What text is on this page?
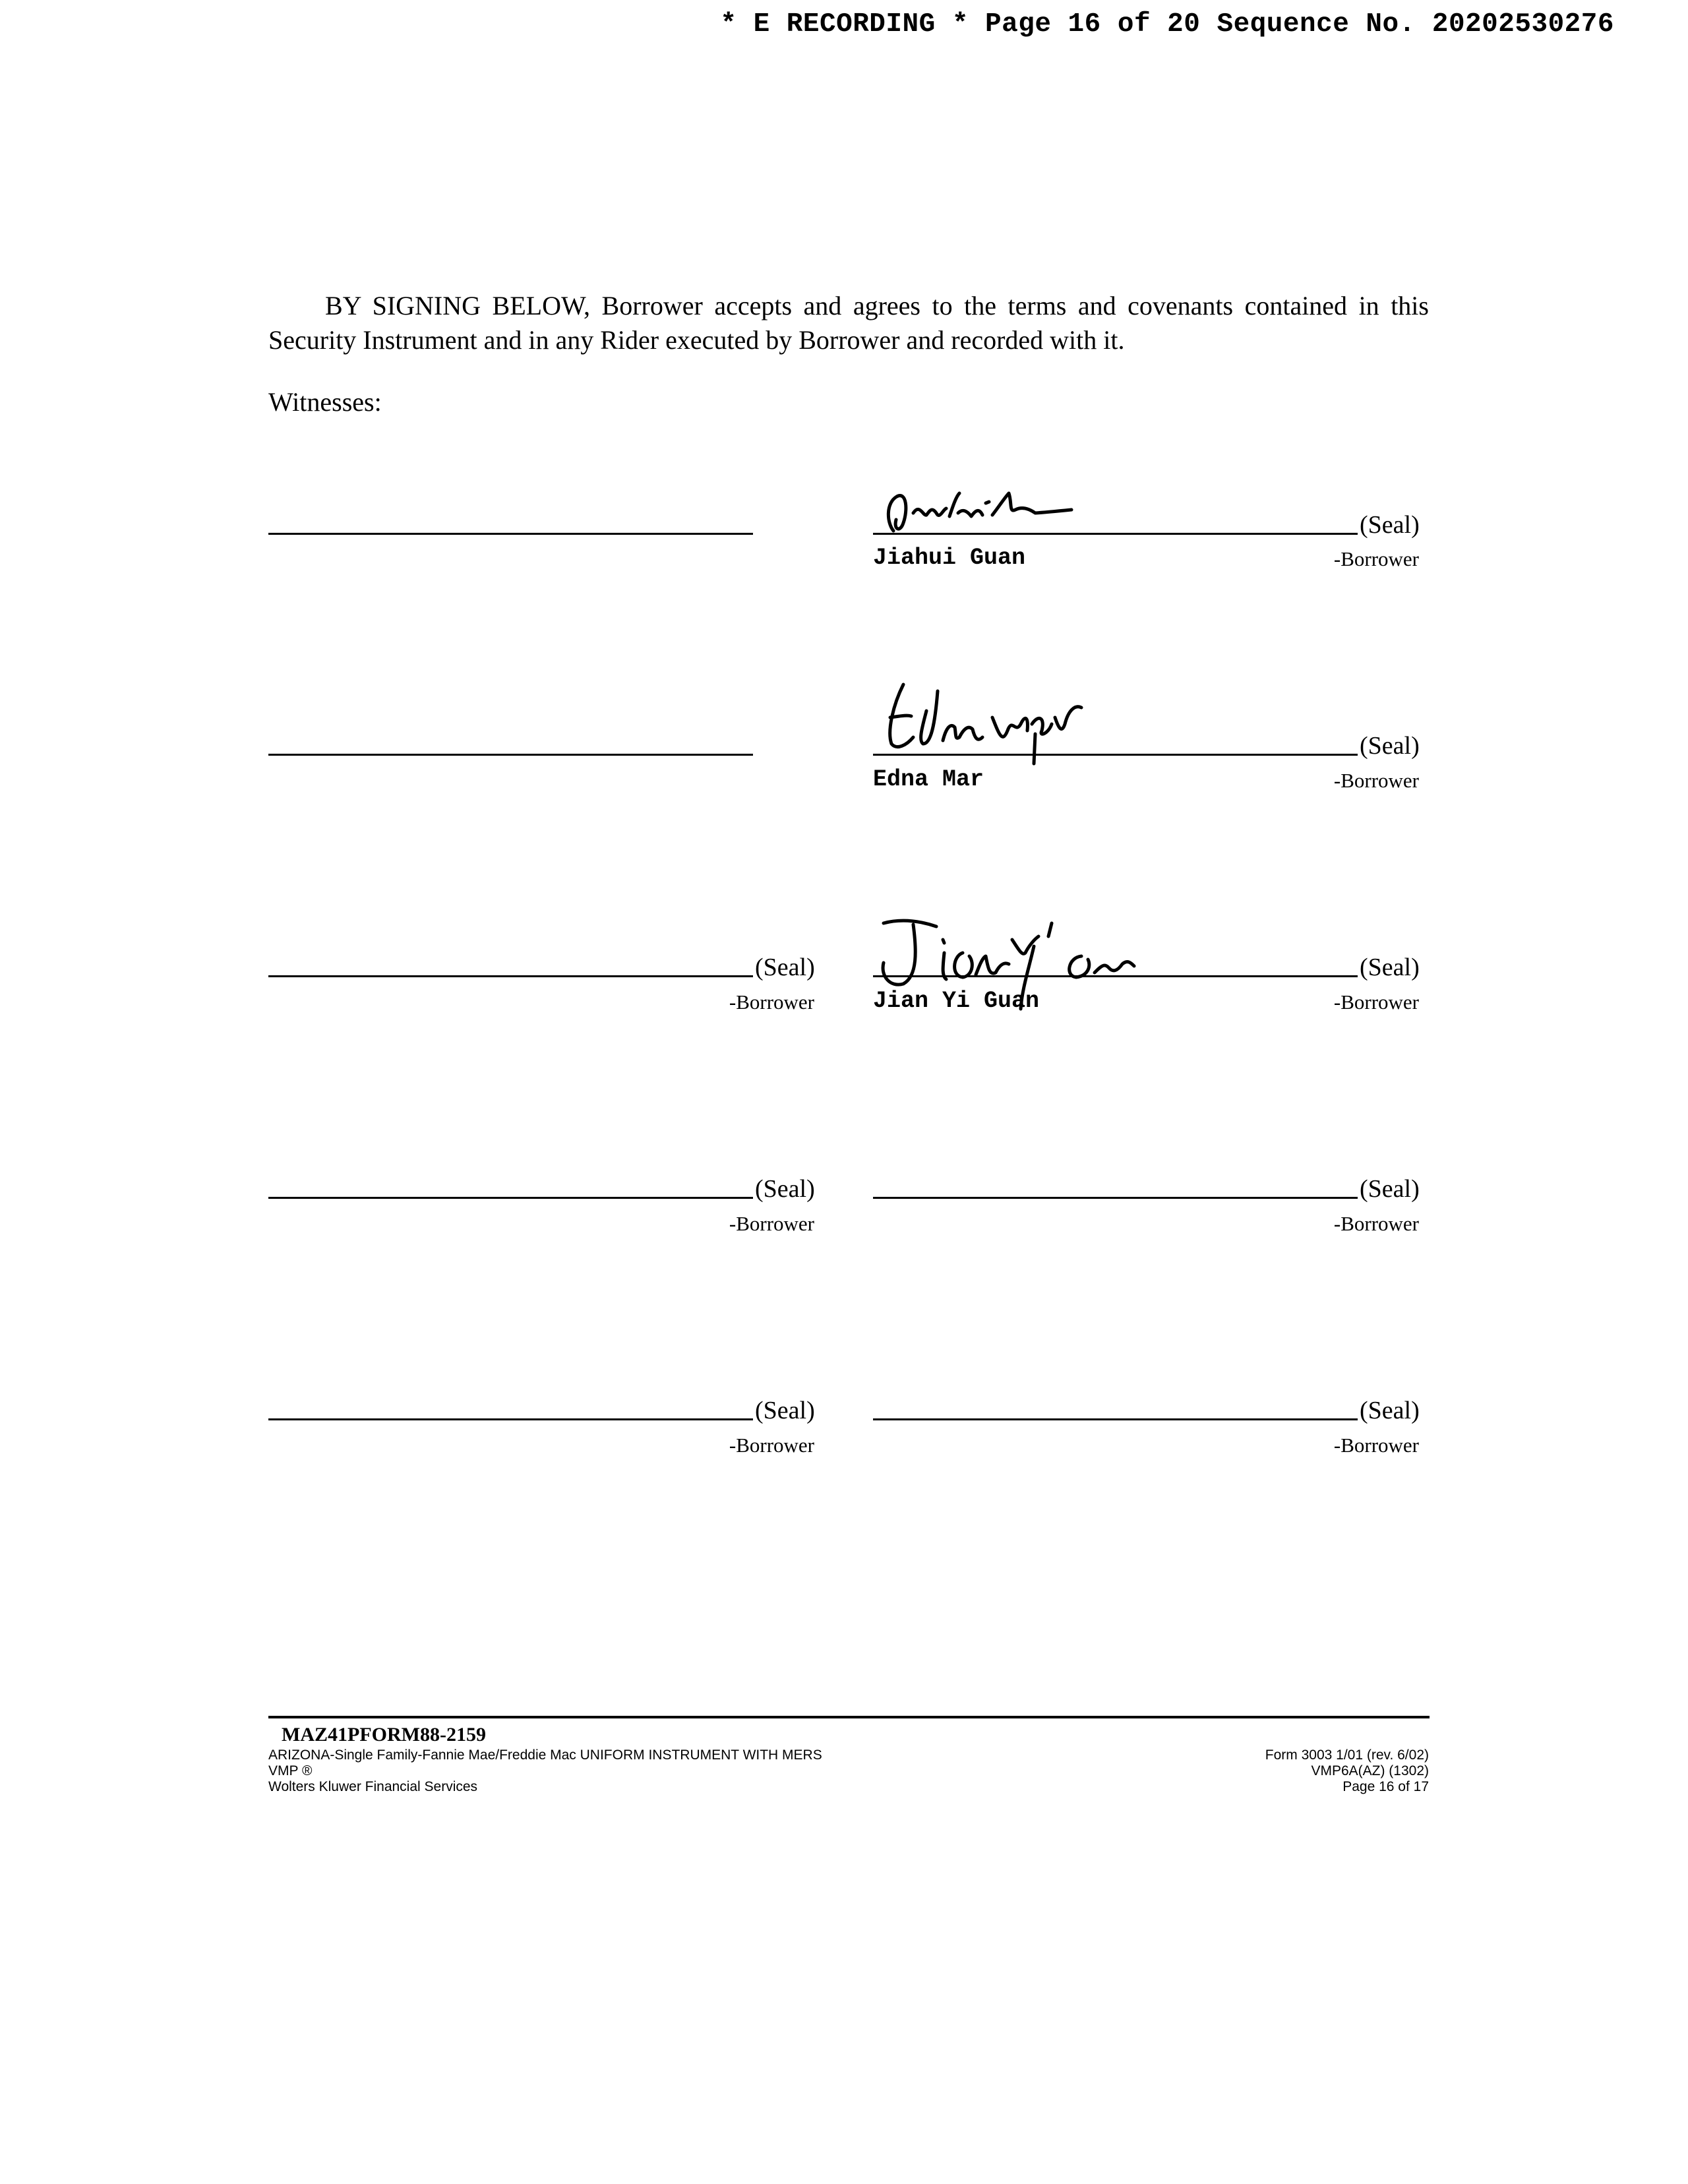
* E RECORDING * Page 16 of 20 Sequence No. 20202530276
BY SIGNING BELOW, Borrower accepts and agrees to the terms and covenants contained in this Security Instrument and in any Rider executed by Borrower and recorded with it.
Witnesses:
(Seal)
Jiahui Guan	-Borrower
(Seal)
Edna Mar	-Borrower
(Seal)
-Borrower
(Seal)
Jian Yi Guan	-Borrower
(Seal)
-Borrower
(Seal)
-Borrower
(Seal)
-Borrower
(Seal)
-Borrower
MAZ41PFORM88-2159
ARIZONA-Single Family-Fannie Mae/Freddie Mac UNIFORM INSTRUMENT WITH MERS
VMP ®
Wolters Kluwer Financial Services
Form 3003 1/01 (rev. 6/02)
VMP6A(AZ) (1302)
Page 16 of 17
